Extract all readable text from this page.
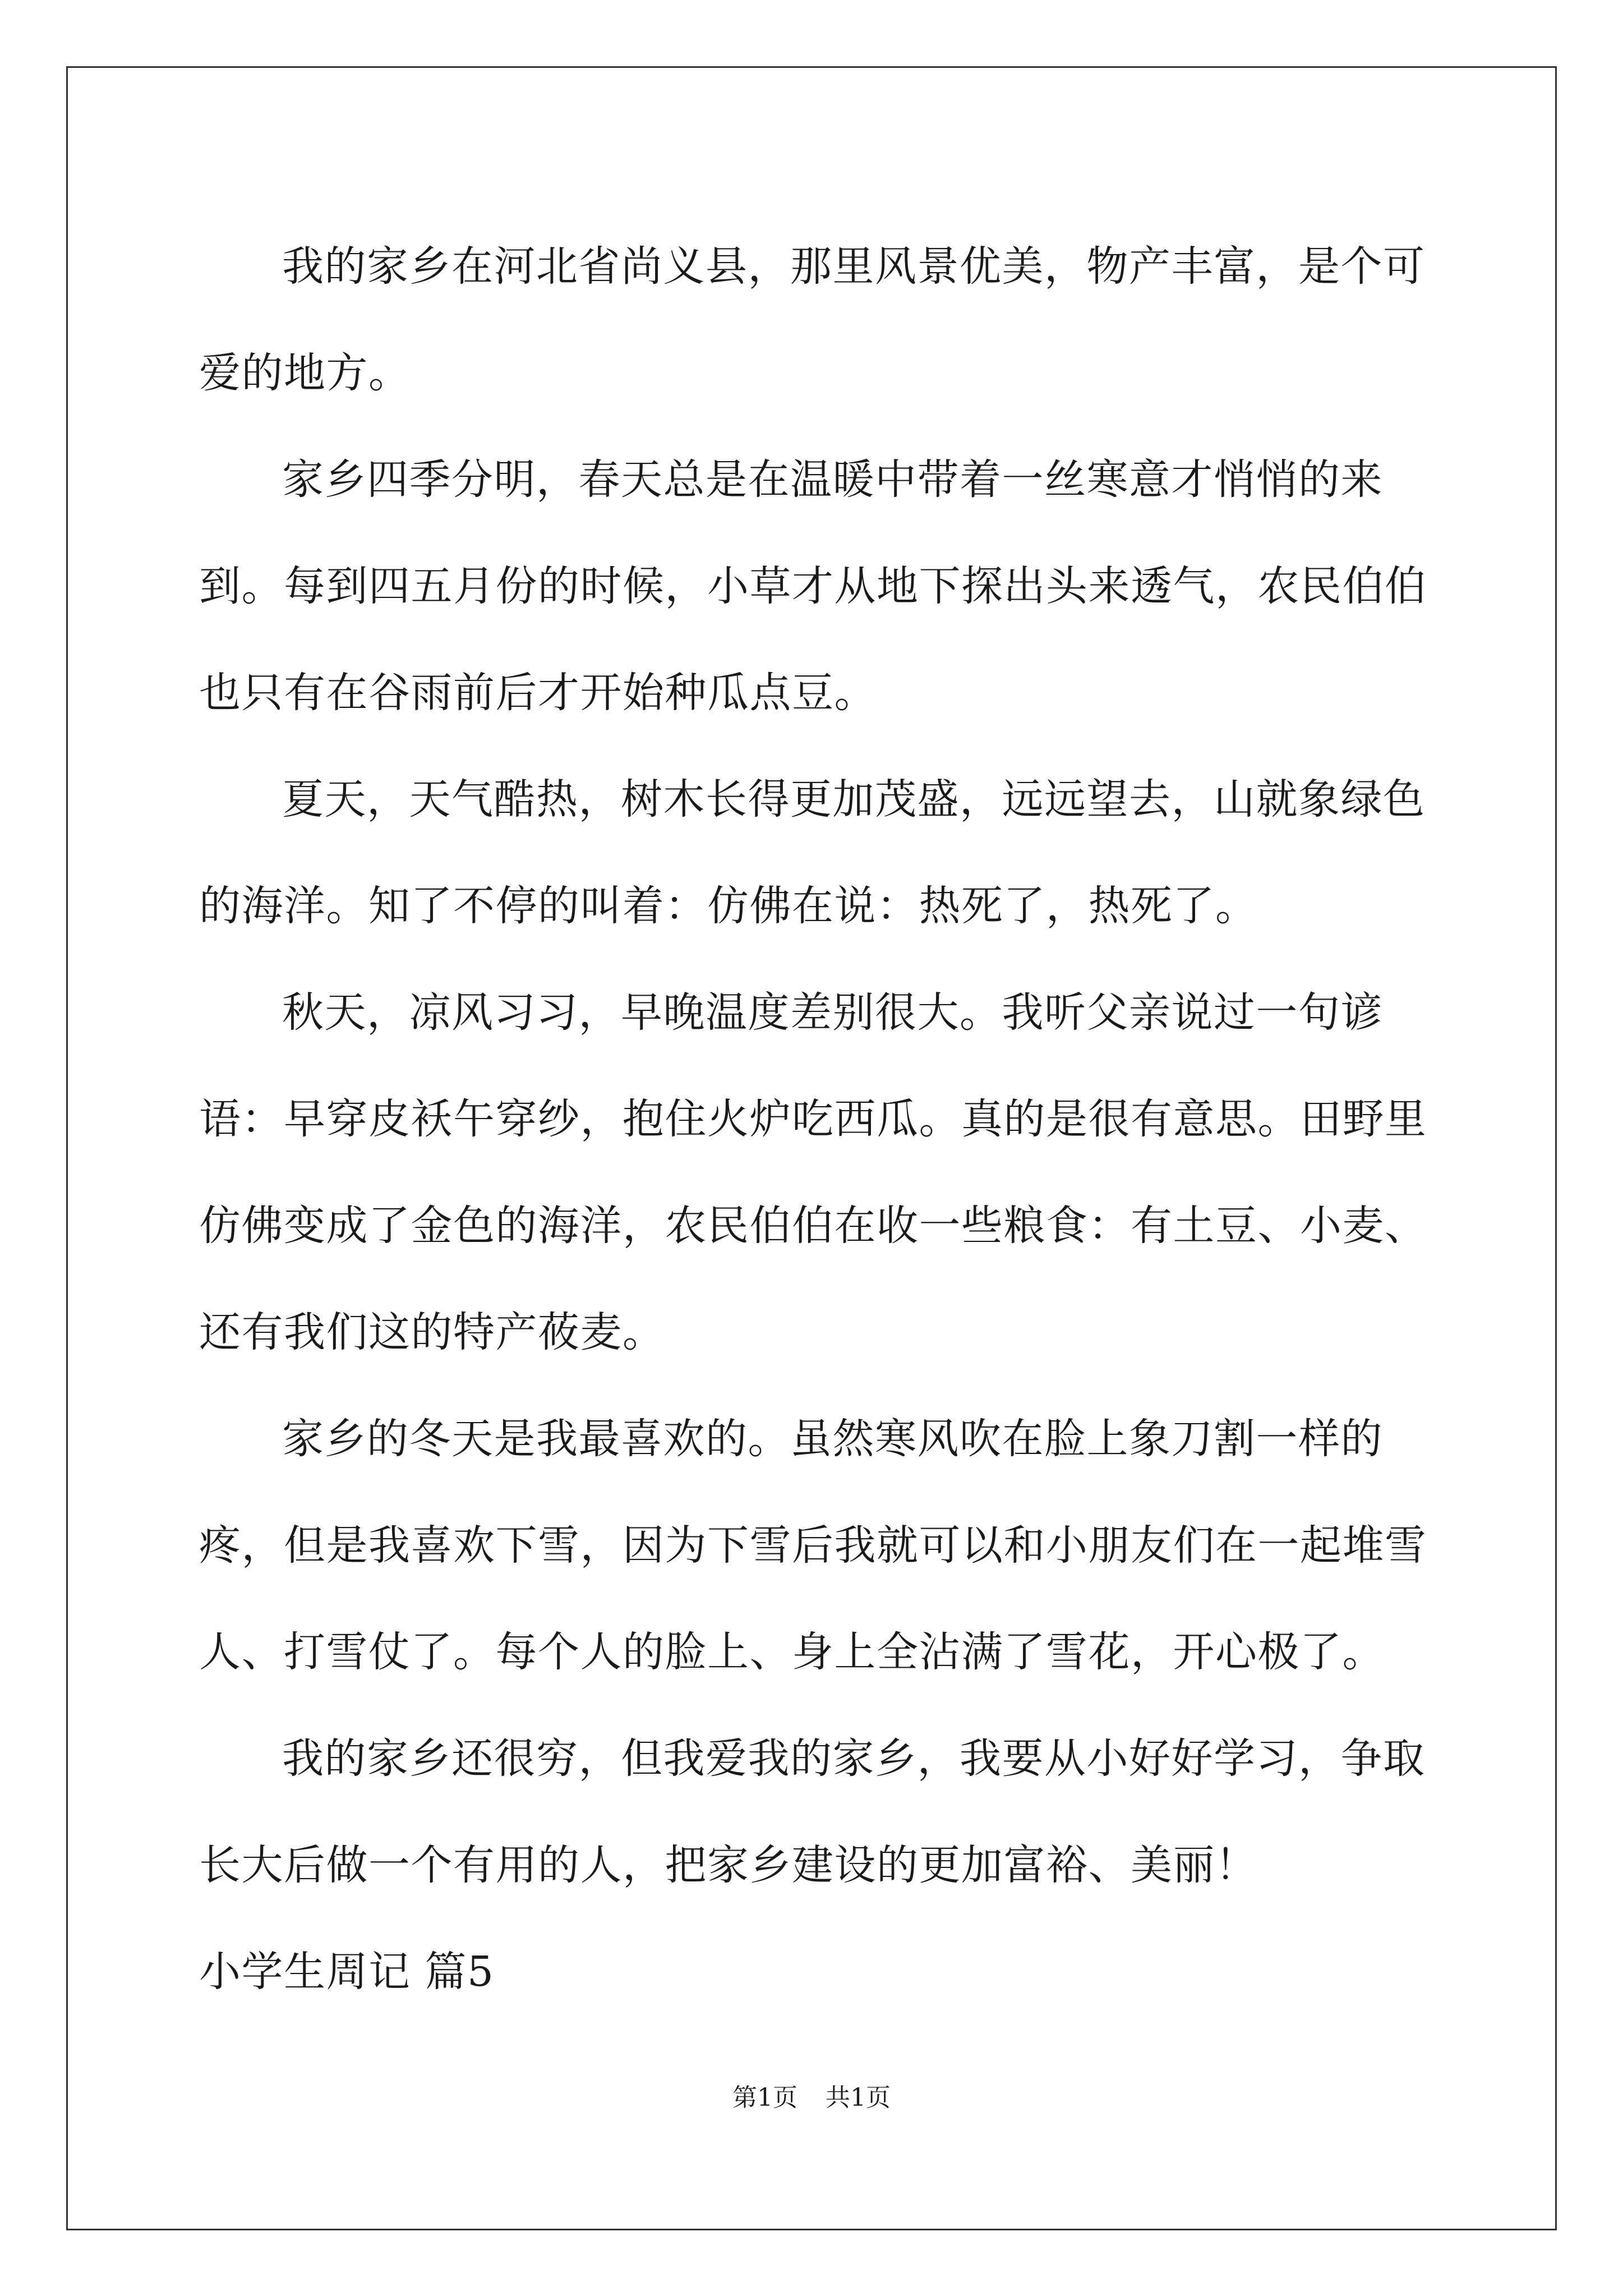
我的家乡在河北省尚义县，那里风景优美，物产丰富，是个可爱的地方。

家乡四季分明，春天总是在温暖中带着一丝寒意才悄悄的来到。每到四五月份的时候，小草才从地下探出头来透气，农民伯伯也只有在谷雨前后才开始种瓜点豆。

夏天，天气酷热，树木长得更加茂盛，远远望去，山就象绿色的海洋。知了不停的叫着：仿佛在说：热死了，热死了。

秋天，凉风习习，早晚温度差别很大。我听父亲说过一句谚语：早穿皮袄午穿纱，抱住火炉吃西瓜。真的是很有意思。田野里仿佛变成了金色的海洋，农民伯伯在收一些粮食：有土豆、小麦、还有我们这的特产莜麦。

家乡的冬天是我最喜欢的。虽然寒风吹在脸上象刀割一样的疼，但是我喜欢下雪，因为下雪后我就可以和小朋友们在一起堆雪人、打雪仗了。每个人的脸上、身上全沾满了雪花，开心极了。

我的家乡还很穷，但我爱我的家乡，我要从小好好学习，争取长大后做一个有用的人，把家乡建设的更加富裕、美丽！

小学生周记 篇5

第1页 共1页
